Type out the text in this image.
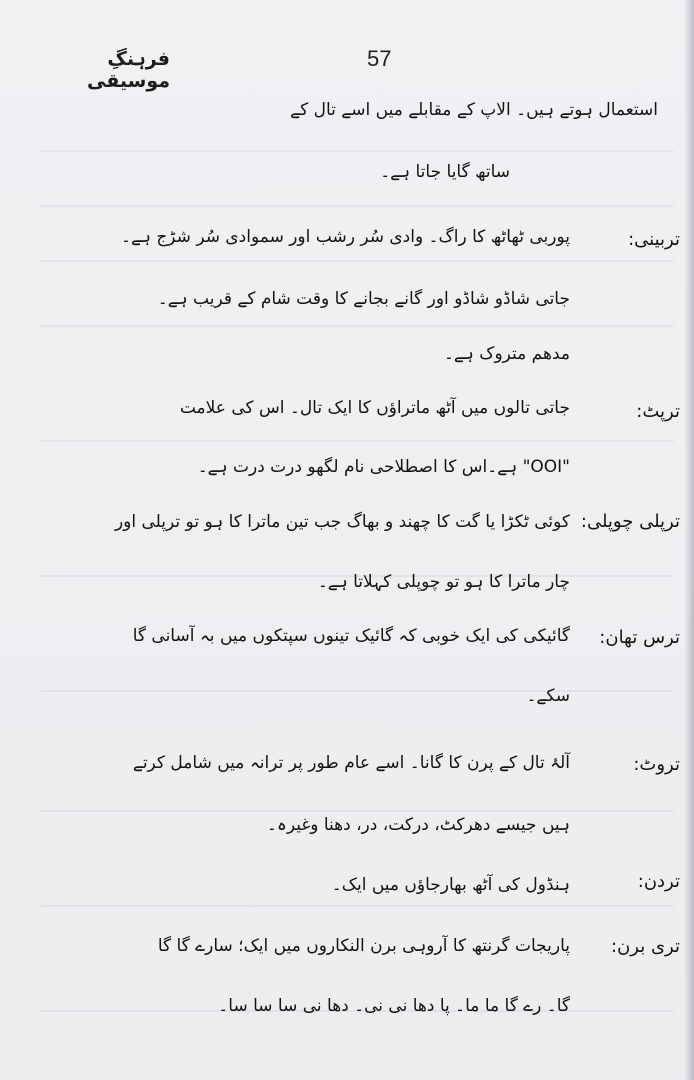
57
فرہنگِ موسیقی
استعمال ہوتے ہیں۔ الاپ کے مقابلے میں اسے تال کے
ساتھ گایا جاتا ہے۔
تربینی:
پوربی ٹھاٹھ کا راگ۔ وادی سُر رشب اور سموادی سُر شڑج ہے۔
جاتی شاڈو شاڈو اور گانے بجانے کا وقت شام کے قریب ہے۔
مدھم متروک ہے۔
ترپٹ:
جاتی تالوں میں آٹھ ماتراؤں کا ایک تال۔ اس کی علامت
"OOI" ہے۔اس کا اصطلاحی نام لگھو درت درت ہے۔
ترپلی چوپلی:
کوئی ٹکڑا یا گت کا چھند و بھاگ جب تین ماترا کا ہو تو ترپلی اور
چار ماترا کا ہو تو چوپلی کہلاتا ہے۔
ترس تھان:
گائیکی کی ایک خوبی کہ گائیک تینوں سپتکوں میں بہ آسانی گا
سکے۔
تروٹ:
آلۂ تال کے پرن کا گانا۔ اسے عام طور پر ترانہ میں شامل کرتے
ہیں جیسے دھرکٹ، درکت، در، دھنا وغیرہ۔
تردن:
ہنڈول کی آٹھ بھارجاؤں میں ایک۔
تری برن:
پاریجات گرنتھ کا آروہی برن النکاروں میں ایک؛ سارے گا گا
گا۔ رے گا ما ما۔ پا دھا نی نی۔ دھا نی سا سا سا۔
